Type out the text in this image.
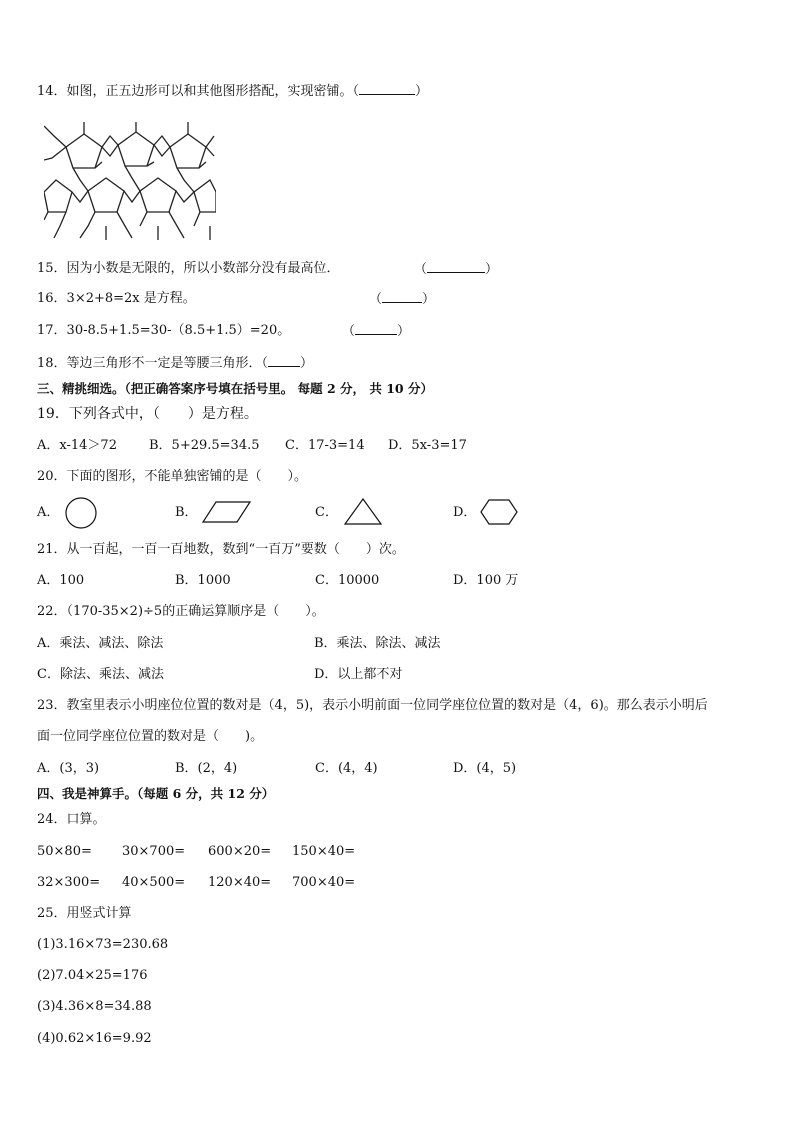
14．如图，正五边形可以和其他图形搭配，实现密铺。（	）
15．因为小数是无限的，所以小数部分没有最高位．	（	）
16．3×2+8=2x 是方程。	（	）
17．30-8.5+1.5=30-（8.5+1.5）=20。	（	）
18．等边三角形不一定是等腰三角形．（ ）
三、精挑细选。（把正确答案序号填在括号里。 每题 2 分， 共 10 分）
19．下列各式中，（　　）是方程。
A．x-14＞72 B．5+29.5=34.5 C．17-3=14 D．5x-3=17
20．下面的图形，不能单独密铺的是（　　）。
A．	B．	C．	D．
21．从一百起，一百一百地数，数到“一百万”要数（　　）次。
A．100	B．1000	C．10000	D．100 万
22．（170-35×2)÷5的正确运算顺序是（　　）。
A．乘法、减法、除法	B．乘法、除法、减法
C．除法、乘法、减法	D．以上都不对
23．教室里表示小明座位位置的数对是（4，5)，表示小明前面一位同学座位位置的数对是（4，6)。那么表示小明后
面一位同学座位位置的数对是（　　)。
A．(3，3)	B．(2，4)	C．(4，4)	D．(4，5)
四、我是神算手。（每题 6 分，共 12 分）
24．口算。
50×80= 30×700= 600×20= 150×40=
32×300= 40×500= 120×40= 700×40=
25．用竖式计算
(1)3.16×73=230.68
(2)7.04×25=176
(3)4.36×8=34.88
(4)0.62×16=9.92
